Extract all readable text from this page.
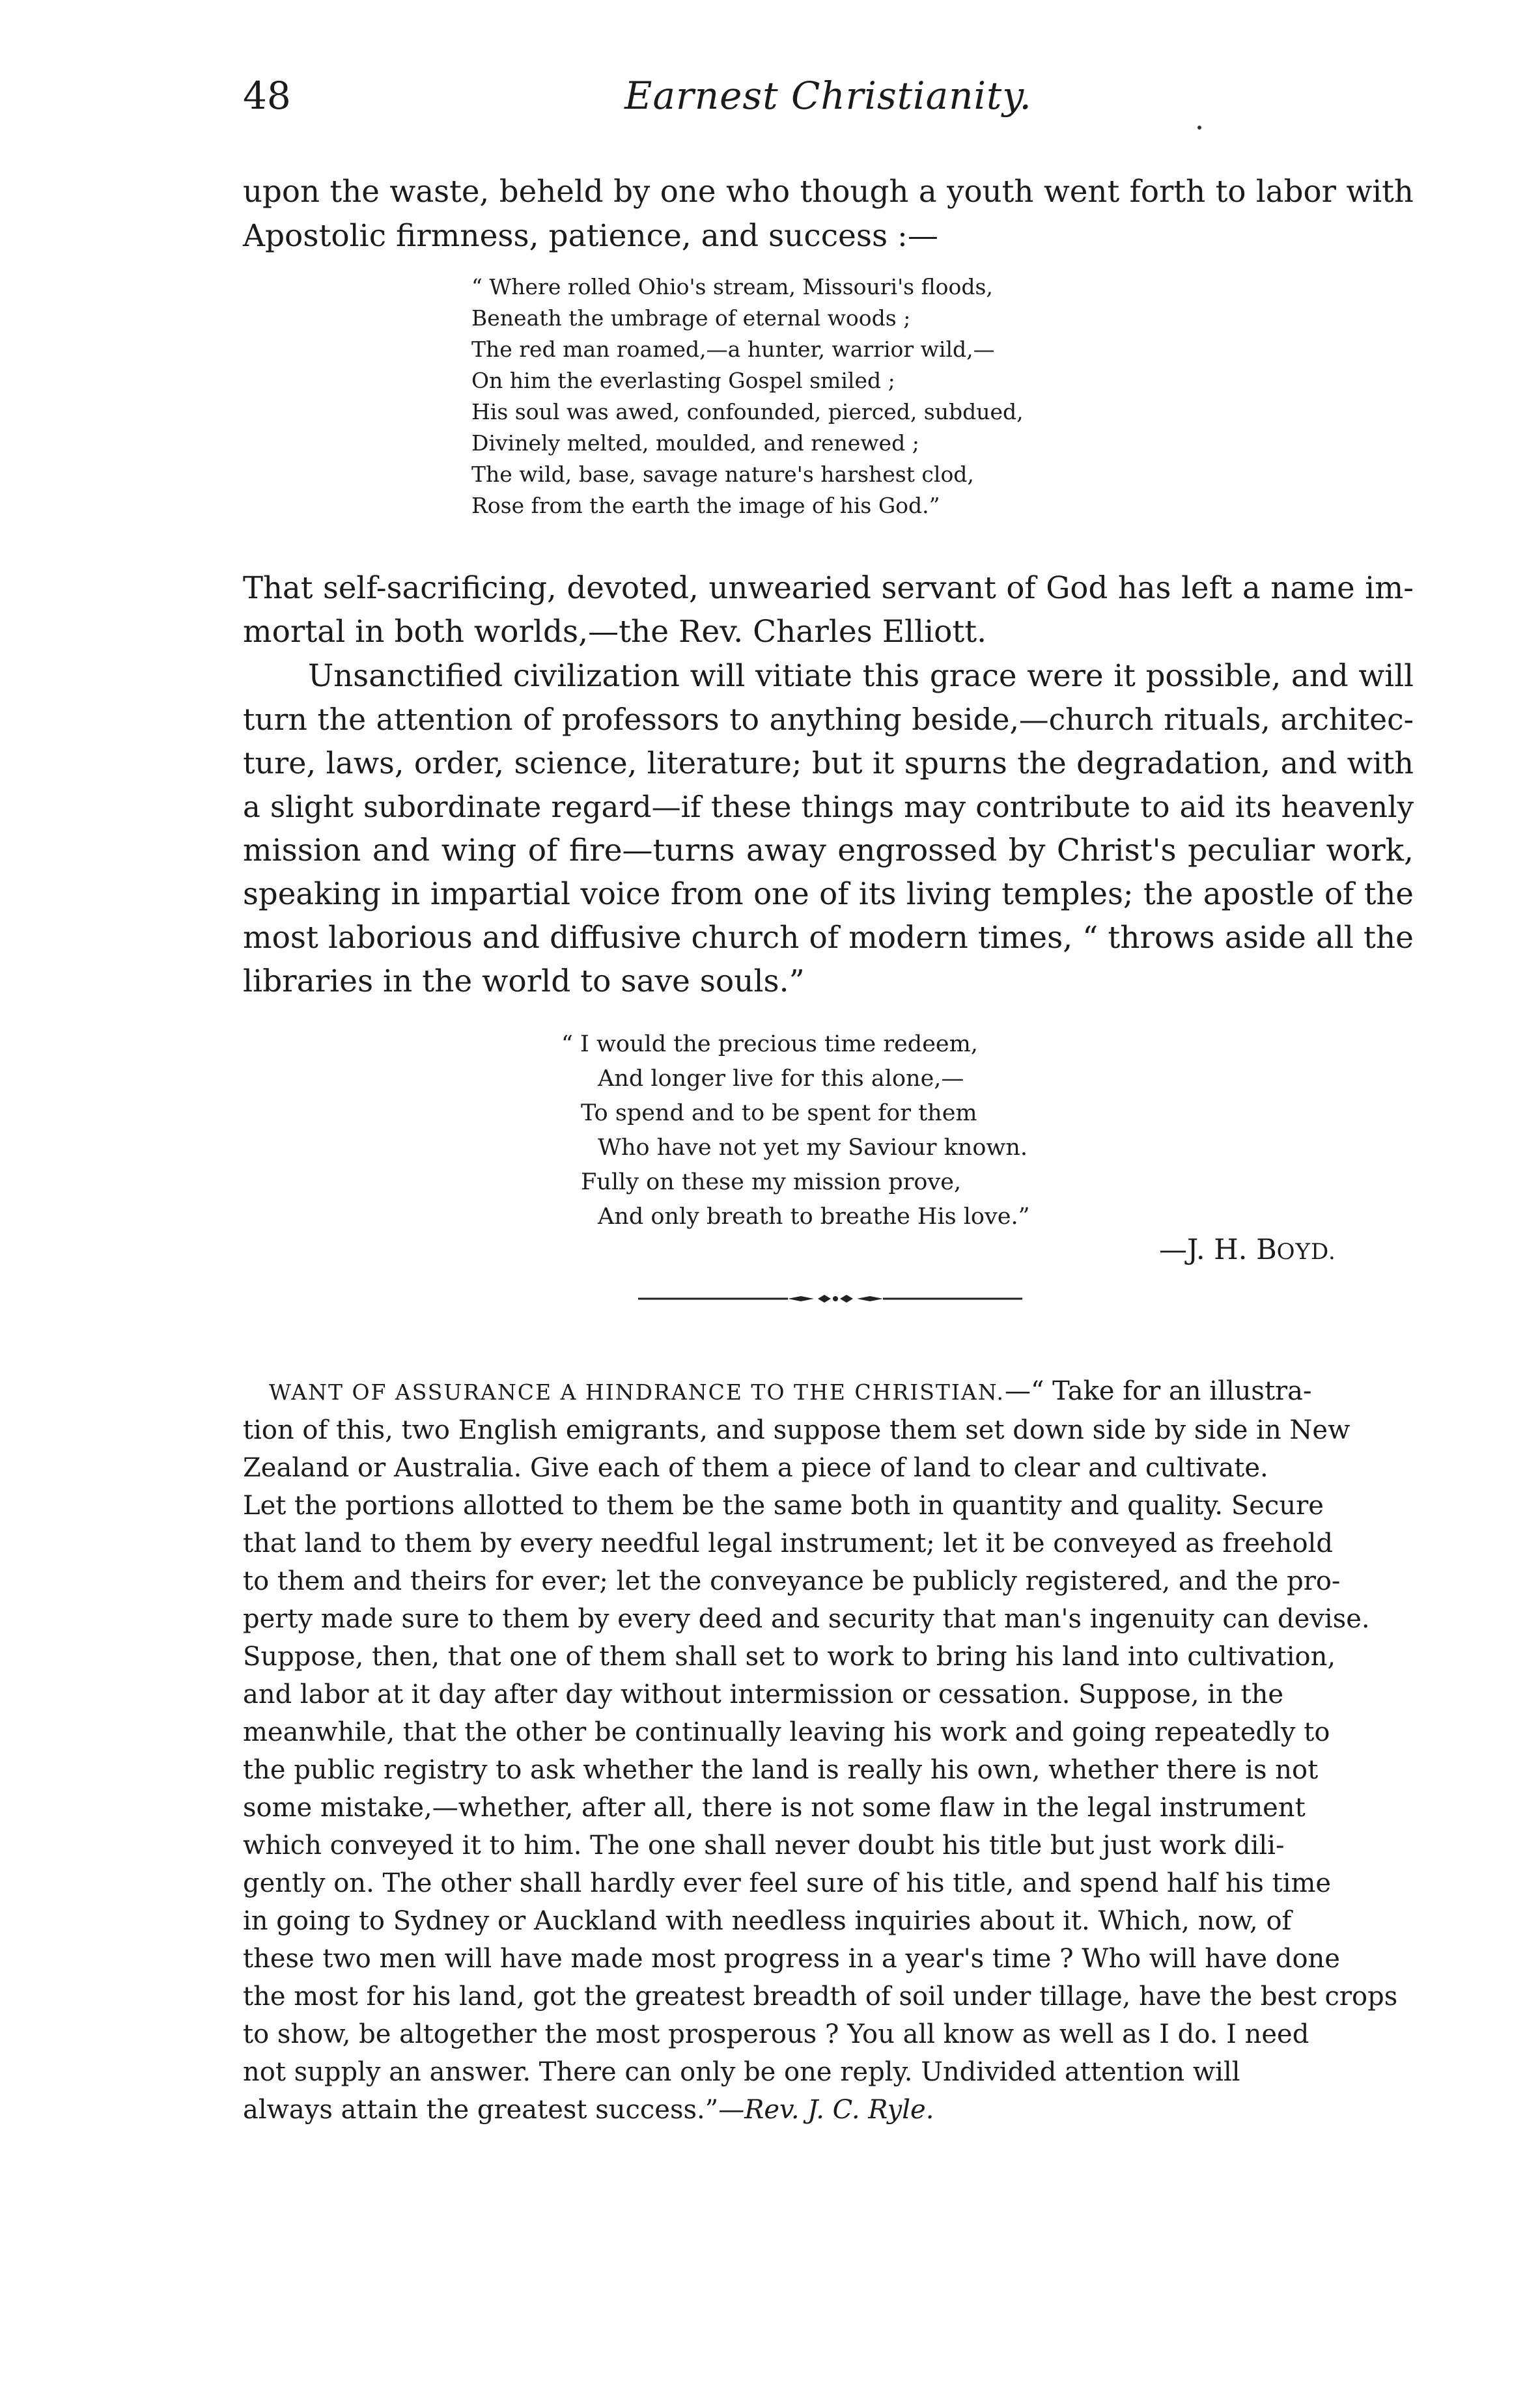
48	Earnest Christianity.
upon the waste, beheld by one who though a youth went forth to labor with
Apostolic firmness, patience, and success :—
“ Where rolled Ohio's stream, Missouri's floods,
Beneath the umbrage of eternal woods ;
The red man roamed,—a hunter, warrior wild,—
On him the everlasting Gospel smiled ;
His soul was awed, confounded, pierced, subdued,
Divinely melted, moulded, and renewed ;
The wild, base, savage nature's harshest clod,
Rose from the earth the image of his God.”
That self-sacrificing, devoted, unwearied servant of God has left a name im-
mortal in both worlds,—the Rev. Charles Elliott.
Unsanctified civilization will vitiate this grace were it possible, and will
turn the attention of professors to anything beside,—church rituals, architec-
ture, laws, order, science, literature; but it spurns the degradation, and with
a slight subordinate regard—if these things may contribute to aid its heavenly
mission and wing of fire—turns away engrossed by Christ's peculiar work,
speaking in impartial voice from one of its living temples; the apostle of the
most laborious and diffusive church of modern times, “ throws aside all the
libraries in the world to save souls.”
“ I would the precious time redeem,
And longer live for this alone,—
To spend and to be spent for them
Who have not yet my Saviour known.
Fully on these my mission prove,
And only breath to breathe His love.”
—J. H. BOYD.
WANT OF ASSURANCE A HINDRANCE TO THE CHRISTIAN.—“ Take for an illustra-
tion of this, two English emigrants, and suppose them set down side by side in New
Zealand or Australia. Give each of them a piece of land to clear and cultivate.
Let the portions allotted to them be the same both in quantity and quality. Secure
that land to them by every needful legal instrument; let it be conveyed as freehold
to them and theirs for ever; let the conveyance be publicly registered, and the pro-
perty made sure to them by every deed and security that man's ingenuity can devise.
Suppose, then, that one of them shall set to work to bring his land into cultivation,
and labor at it day after day without intermission or cessation. Suppose, in the
meanwhile, that the other be continually leaving his work and going repeatedly to
the public registry to ask whether the land is really his own, whether there is not
some mistake,—whether, after all, there is not some flaw in the legal instrument
which conveyed it to him. The one shall never doubt his title but just work dili-
gently on. The other shall hardly ever feel sure of his title, and spend half his time
in going to Sydney or Auckland with needless inquiries about it. Which, now, of
these two men will have made most progress in a year's time ? Who will have done
the most for his land, got the greatest breadth of soil under tillage, have the best crops
to show, be altogether the most prosperous ? You all know as well as I do. I need
not supply an answer. There can only be one reply. Undivided attention will
always attain the greatest success.”—Rev. J. C. Ryle.
